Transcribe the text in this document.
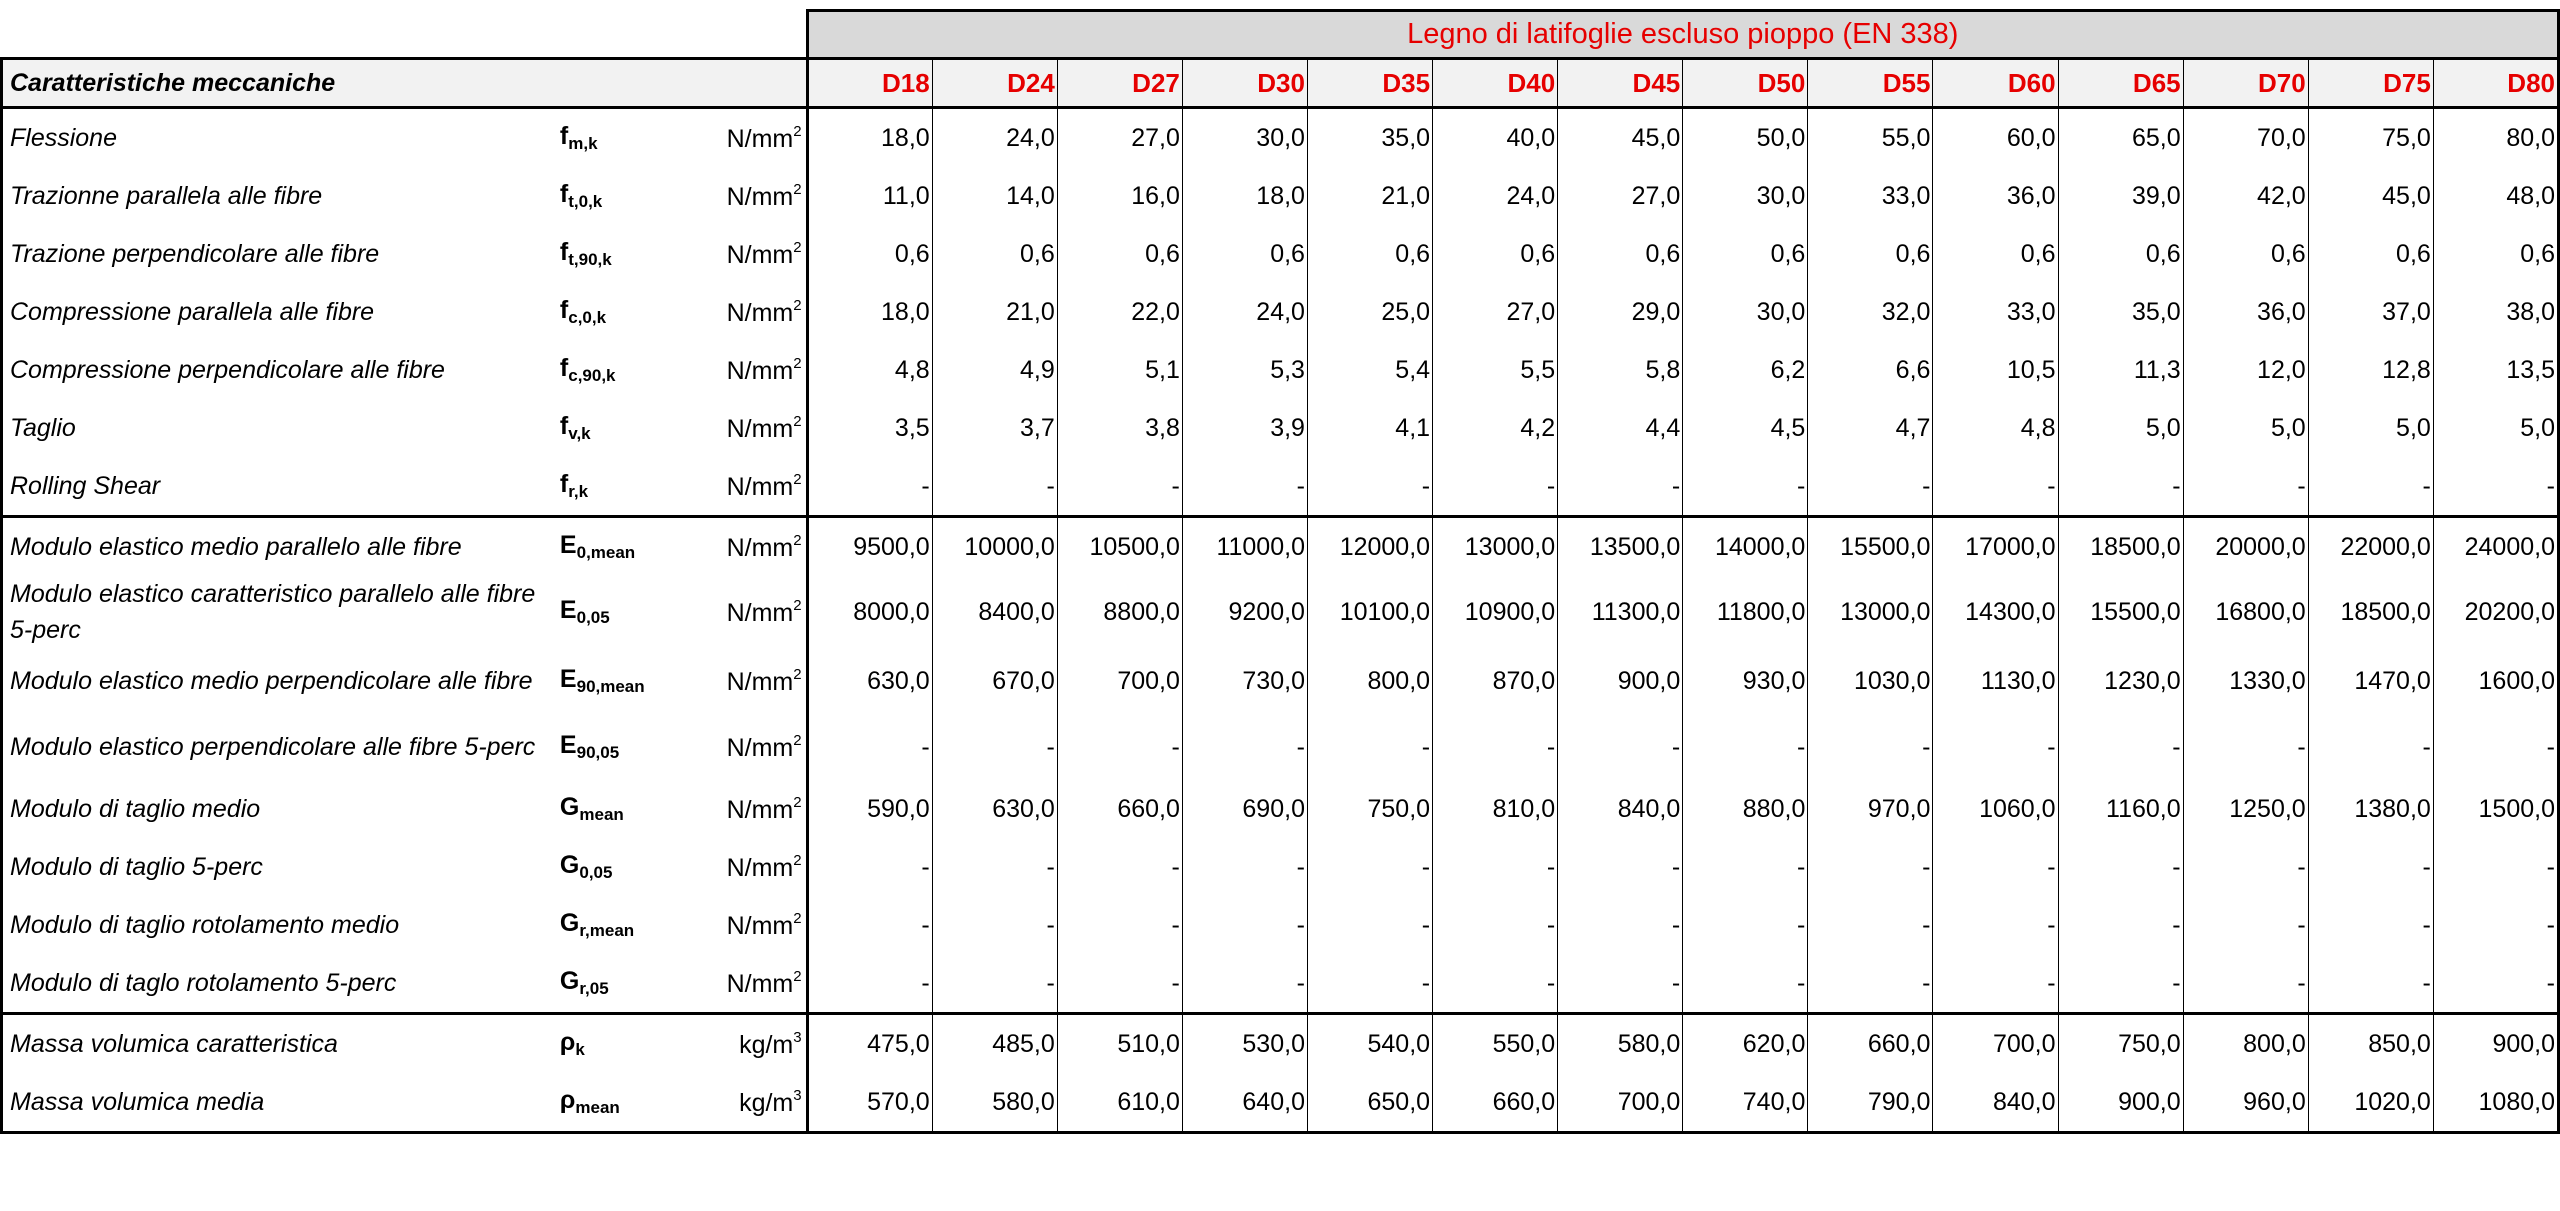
			Legno di latifoglie escluso pioppo (EN 338)													
Caratteristiche meccaniche			D18	D24	D27	D30	D35	D40	D45	D50	D55	D60	D65	D70	D75	D80
Flessione	$f_{m,k}$	$N/mm^2$	18,0	24,0	27,0	30,0	35,0	40,0	45,0	50,0	55,0	60,0	65,0	70,0	75,0	80,0
Trazionne parallela alle fibre	$f_{t,0,k}$	$N/mm^2$	11,0	14,0	16,0	18,0	21,0	24,0	27,0	30,0	33,0	36,0	39,0	42,0	45,0	48,0
Trazione perpendicolare alle fibre	$f_{t,90,k}$	$N/mm^2$	0,6	0,6	0,6	0,6	0,6	0,6	0,6	0,6	0,6	0,6	0,6	0,6	0,6	0,6
Compressione parallela alle fibre	$f_{c,0,k}$	$N/mm^2$	18,0	21,0	22,0	24,0	25,0	27,0	29,0	30,0	32,0	33,0	35,0	36,0	37,0	38,0
Compressione perpendicolare alle fibre	$f_{c,90,k}$	$N/mm^2$	4,8	4,9	5,1	5,3	5,4	5,5	5,8	6,2	6,6	10,5	11,3	12,0	12,8	13,5
Taglio	$f_{v,k}$	$N/mm^2$	3,5	3,7	3,8	3,9	4,1	4,2	4,4	4,5	4,7	4,8	5,0	5,0	5,0	5,0
Rolling Shear	$f_{r,k}$	$N/mm^2$	-	-	-	-	-	-	-	-	-	-	-	-	-	-
Modulo elastico medio parallelo alle fibre	$E_{0,mean}$	$N/mm^2$	9500,0	10000,0	10500,0	11000,0	12000,0	13000,0	13500,0	14000,0	15500,0	17000,0	18500,0	20000,0	22000,0	24000,0
Modulo elastico caratteristico parallelo alle fibre 5-perc	$E_{0,05}$	$N/mm^2$	8000,0	8400,0	8800,0	9200,0	10100,0	10900,0	11300,0	11800,0	13000,0	14300,0	15500,0	16800,0	18500,0	20200,0
Modulo elastico medio perpendicolare alle fibre	$E_{90,mean}$	$N/mm^2$	630,0	670,0	700,0	730,0	800,0	870,0	900,0	930,0	1030,0	1130,0	1230,0	1330,0	1470,0	1600,0
Modulo elastico perpendicolare alle fibre 5-perc	$E_{90,05}$	$N/mm^2$	-	-	-	-	-	-	-	-	-	-	-	-	-	-
Modulo di taglio medio	$G_{mean}$	$N/mm^2$	590,0	630,0	660,0	690,0	750,0	810,0	840,0	880,0	970,0	1060,0	1160,0	1250,0	1380,0	1500,0
Modulo di taglio 5-perc	$G_{0,05}$	$N/mm^2$	-	-	-	-	-	-	-	-	-	-	-	-	-	-
Modulo di taglio rotolamento medio	$G_{r,mean}$	$N/mm^2$	-	-	-	-	-	-	-	-	-	-	-	-	-	-
Modulo di taglo rotolamento 5-perc	$G_{r,05}$	$N/mm^2$	-	-	-	-	-	-	-	-	-	-	-	-	-	-
Massa volumica caratteristica	$\rho_k$	$kg/m^3$	475,0	485,0	510,0	530,0	540,0	550,0	580,0	620,0	660,0	700,0	750,0	800,0	850,0	900,0
Massa volumica media	$\rho_{mean}$	$kg/m^3$	570,0	580,0	610,0	640,0	650,0	660,0	700,0	740,0	790,0	840,0	900,0	960,0	1020,0	1080,0
